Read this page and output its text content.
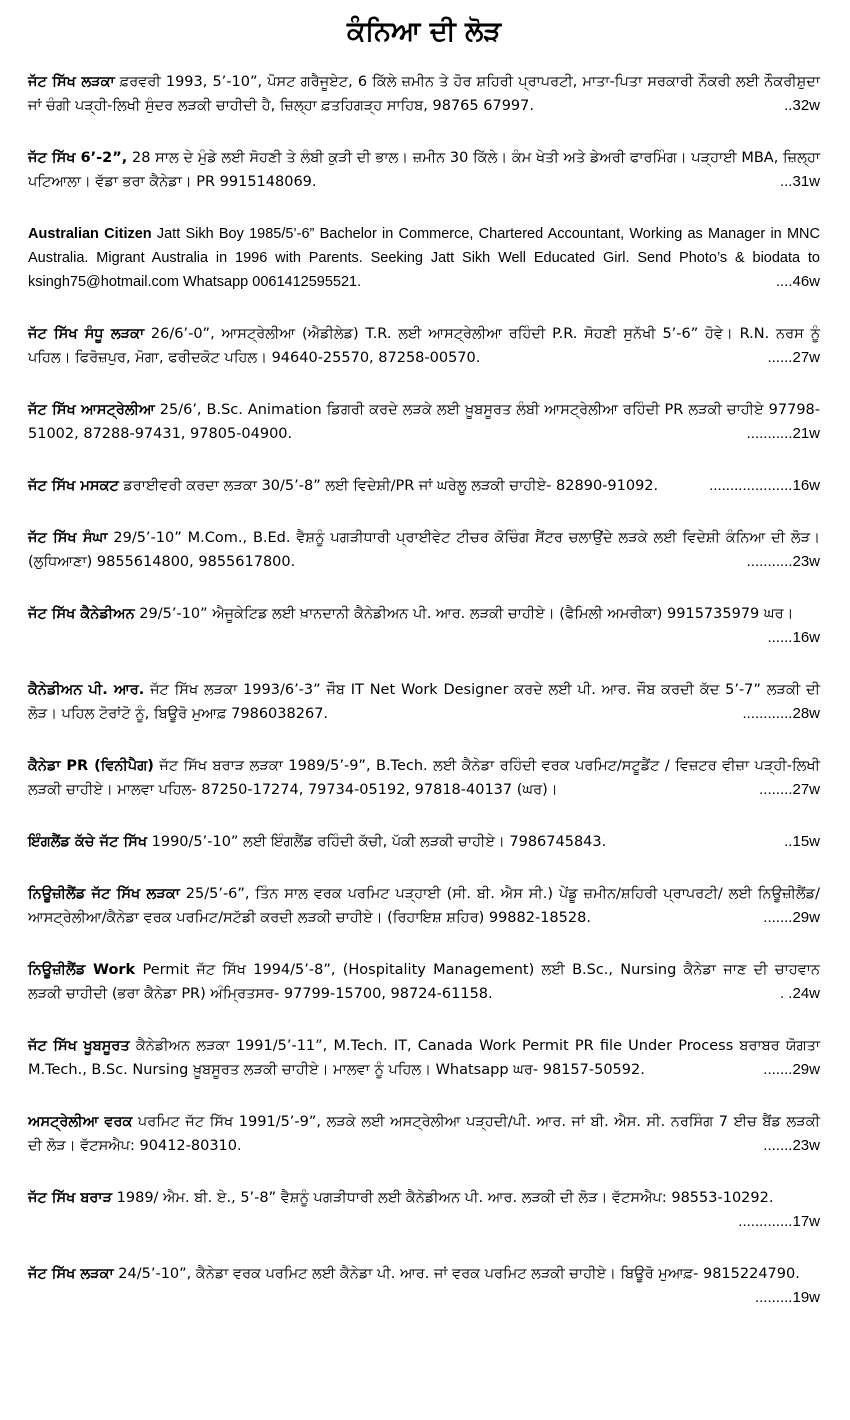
ਕੰਨਿਆ ਦੀ ਲੋੜ
ਜੱਟ ਸਿੱਖ ਲੜਕਾ ਫ਼ਰਵਰੀ 1993, 5’-10”, ਪੋਸਟ ਗਰੈਜੂਏਟ, 6 ਕਿੱਲੇ ਜ਼ਮੀਨ ਤੇ ਹੋਰ ਸ਼ਹਿਰੀ ਪ੍ਰਾਪਰਟੀ, ਮਾਤਾ-ਪਿਤਾ ਸਰਕਾਰੀ ਨੌਕਰੀ ਲਈ ਨੌਕਰੀਸ਼ੁਦਾ ਜਾਂ ਚੰਗੀ ਪੜ੍ਹੀ-ਲਿਖੀ ਸੁੰਦਰ ਲੜਕੀ ਚਾਹੀਦੀ ਹੈ, ਜ਼ਿਲ੍ਹਾ ਫ਼ਤਹਿਗੜ੍ਹ ਸਾਹਿਬ, 98765 67997.	..32w
ਜੱਟ ਸਿੱਖ 6’-2”, 28 ਸਾਲ ਦੇ ਮੁੰਡੇ ਲਈ ਸੋਹਣੀ ਤੇ ਲੰਬੀ ਕੁੜੀ ਦੀ ਭਾਲ। ਜ਼ਮੀਨ 30 ਕਿੱਲੇ। ਕੰਮ ਖੇਤੀ ਅਤੇ ਡੇਅਰੀ ਫਾਰਮਿੰਗ। ਪੜ੍ਹਾਈ MBA, ਜ਼ਿਲ੍ਹਾ ਪਟਿਆਲਾ। ਵੱਡਾ ਭਰਾ ਕੈਨੇਡਾ। PR 9915148069.	...31w
Australian Citizen Jatt Sikh Boy 1985/5’-6” Bachelor in Commerce, Chartered Accountant, Working as Manager in MNC Australia. Migrant Australia in 1996 with Parents. Seeking Jatt Sikh Well Educated Girl. Send Photo’s & biodata to ksingh75@hotmail.com Whatsapp 0061412595521.	....46w
ਜੱਟ ਸਿੱਖ ਸੰਧੂ ਲੜਕਾ 26/6’-0”, ਆਸਟ੍ਰੇਲੀਆ (ਐਡੀਲੇਡ) T.R. ਲਈ ਆਸਟ੍ਰੇਲੀਆ ਰਹਿੰਦੀ P.R. ਸੋਹਣੀ ਸੁਨੱਖੀ 5’-6” ਹੋਵੇ। R.N. ਨਰਸ ਨੂੰ ਪਹਿਲ। ਫਿਰੋਜ਼ਪੁਰ, ਮੋਗਾ, ਫਰੀਦਕੋਟ ਪਹਿਲ। 94640-25570, 87258-00570.	......27w
ਜੱਟ ਸਿੱਖ ਆਸਟ੍ਰੇਲੀਆ 25/6’, B.Sc. Animation ਡਿਗਰੀ ਕਰਦੇ ਲੜਕੇ ਲਈ ਖ਼ੂਬਸੂਰਤ ਲੰਬੀ ਆਸਟ੍ਰੇਲੀਆ ਰਹਿੰਦੀ PR ਲੜਕੀ ਚਾਹੀਏ 97798-51002, 87288-97431, 97805-04900.	...........21w
ਜੱਟ ਸਿੱਖ ਮਸਕਟ ਡਰਾਈਵਰੀ ਕਰਦਾ ਲੜਕਾ 30/5’-8” ਲਈ ਵਿਦੇਸ਼ੀ/PR ਜਾਂ ਘਰੇਲੂ ਲੜਕੀ ਚਾਹੀਏ- 82890-91092.	....................16w
ਜੱਟ ਸਿੱਖ ਸੰਘਾ 29/5’-10” M.Com., B.Ed. ਵੈਸ਼ਨੂੰ ਪਗੜੀਧਾਰੀ ਪ੍ਰਾਈਵੇਟ ਟੀਚਰ ਕੋਚਿੰਗ ਸੈਂਟਰ ਚਲਾਉਂਦੇ ਲੜਕੇ ਲਈ ਵਿਦੇਸ਼ੀ ਕੰਨਿਆ ਦੀ ਲੋੜ। (ਲੁਧਿਆਣਾ) 9855614800, 9855617800.	...........23w
ਜੱਟ ਸਿੱਖ ਕੈਨੇਡੀਅਨ 29/5’-10” ਐਜੂਕੇਟਿਡ ਲਈ ਖ਼ਾਨਦਾਨੀ ਕੈਨੇਡੀਅਨ ਪੀ. ਆਰ. ਲੜਕੀ ਚਾਹੀਏ। (ਫੈਮਿਲੀ ਅਮਰੀਕਾ) 9915735979 ਘਰ।
......16w
ਕੈਨੇਡੀਅਨ ਪੀ. ਆਰ. ਜੱਟ ਸਿੱਖ ਲੜਕਾ 1993/6’-3” ਜੌਬ IT Net Work Designer ਕਰਦੇ ਲਈ ਪੀ. ਆਰ. ਜੌਬ ਕਰਦੀ ਕੱਦ 5’-7” ਲੜਕੀ ਦੀ ਲੋੜ। ਪਹਿਲ ਟੋਰਾਂਟੋ ਨੂੰ, ਬਿਊਰੋ ਮੁਆਫ਼ 7986038267.	............28w
ਕੈਨੇਡਾ PR (ਵਿਨੀਪੈਗ) ਜੱਟ ਸਿੱਖ ਬਰਾੜ ਲੜਕਾ 1989/5’-9”, B.Tech. ਲਈ ਕੈਨੇਡਾ ਰਹਿੰਦੀ ਵਰਕ ਪਰਮਿਟ/ਸਟੂਡੈਂਟ / ਵਿਜ਼ਟਰ ਵੀਜ਼ਾ ਪੜ੍ਹੀ-ਲਿਖੀ ਲੜਕੀ ਚਾਹੀਏ। ਮਾਲਵਾ ਪਹਿਲ- 87250-17274, 79734-05192, 97818-40137 (ਘਰ)।	........27w
ਇੰਗਲੈਂਡ ਕੱਚੇ ਜੱਟ ਸਿੱਖ 1990/5’-10” ਲਈ ਇੰਗਲੈਂਡ ਰਹਿੰਦੀ ਕੱਚੀ, ਪੱਕੀ ਲੜਕੀ ਚਾਹੀਏ। 7986745843.	..15w
ਨਿਊਜ਼ੀਲੈਂਡ ਜੱਟ ਸਿੱਖ ਲੜਕਾ 25/5’-6”, ਤਿੰਨ ਸਾਲ ਵਰਕ ਪਰਮਿਟ ਪੜ੍ਹਾਈ (ਸੀ. ਬੀ. ਐਸ ਸੀ.) ਪੇਂਡੂ ਜ਼ਮੀਨ/ਸ਼ਹਿਰੀ ਪ੍ਰਾਪਰਟੀ/ ਲਈ ਨਿਊਜ਼ੀਲੈਂਡ/ਆਸਟ੍ਰੇਲੀਆ/ਕੈਨੇਡਾ ਵਰਕ ਪਰਮਿਟ/ਸਟੱਡੀ ਕਰਦੀ ਲੜਕੀ ਚਾਹੀਏ। (ਰਿਹਾਇਸ਼ ਸ਼ਹਿਰ) 99882-18528.	.......29w
ਨਿਊਜ਼ੀਲੈਂਡ Work Permit ਜੱਟ ਸਿੱਖ 1994/5’-8”, (Hospitality Management) ਲਈ B.Sc., Nursing ਕੈਨੇਡਾ ਜਾਣ ਦੀ ਚਾਹਵਾਨ ਲੜਕੀ ਚਾਹੀਦੀ (ਭਰਾ ਕੈਨੇਡਾ PR) ਅੰਮ੍ਰਿਤਸਰ- 97799-15700, 98724-61158.	. .24w
ਜੱਟ ਸਿੱਖ ਖੂਬਸੂਰਤ ਕੈਨੇਡੀਅਨ ਲੜਕਾ 1991/5’-11”, M.Tech. IT, Canada Work Permit PR file Under Process ਬਰਾਬਰ ਯੋਗਤਾ M.Tech., B.Sc. Nursing ਖ਼ੂਬਸੂਰਤ ਲੜਕੀ ਚਾਹੀਏ। ਮਾਲਵਾ ਨੂੰ ਪਹਿਲ। Whatsapp ਘਰ- 98157-50592.	.......29w
ਅਸਟ੍ਰੇਲੀਆ ਵਰਕ ਪਰਮਿਟ ਜੱਟ ਸਿੱਖ 1991/5’-9”, ਲੜਕੇ ਲਈ ਅਸਟ੍ਰੇਲੀਆ ਪੜ੍ਹਦੀ/ਪੀ. ਆਰ. ਜਾਂ ਬੀ. ਐਸ. ਸੀ. ਨਰਸਿੰਗ 7 ਈਚ ਬੈਂਡ ਲੜਕੀ ਦੀ ਲੋੜ। ਵੱਟਸਐਪ: 90412-80310.	.......23w
ਜੱਟ ਸਿੱਖ ਬਰਾੜ 1989/ ਐਮ. ਬੀ. ਏ., 5’-8” ਵੈਸ਼ਨੂੰ ਪਗੜੀਧਾਰੀ ਲਈ ਕੈਨੇਡੀਅਨ ਪੀ. ਆਰ. ਲੜਕੀ ਦੀ ਲੋੜ। ਵੱਟਸਐਪ: 98553-10292.
.............17w
ਜੱਟ ਸਿੱਖ ਲੜਕਾ 24/5’-10”, ਕੈਨੇਡਾ ਵਰਕ ਪਰਮਿਟ ਲਈ ਕੈਨੇਡਾ ਪੀ. ਆਰ. ਜਾਂ ਵਰਕ ਪਰਮਿਟ ਲੜਕੀ ਚਾਹੀਏ। ਬਿਊਰੋ ਮੁਆਫ਼- 9815224790.
.........19w
